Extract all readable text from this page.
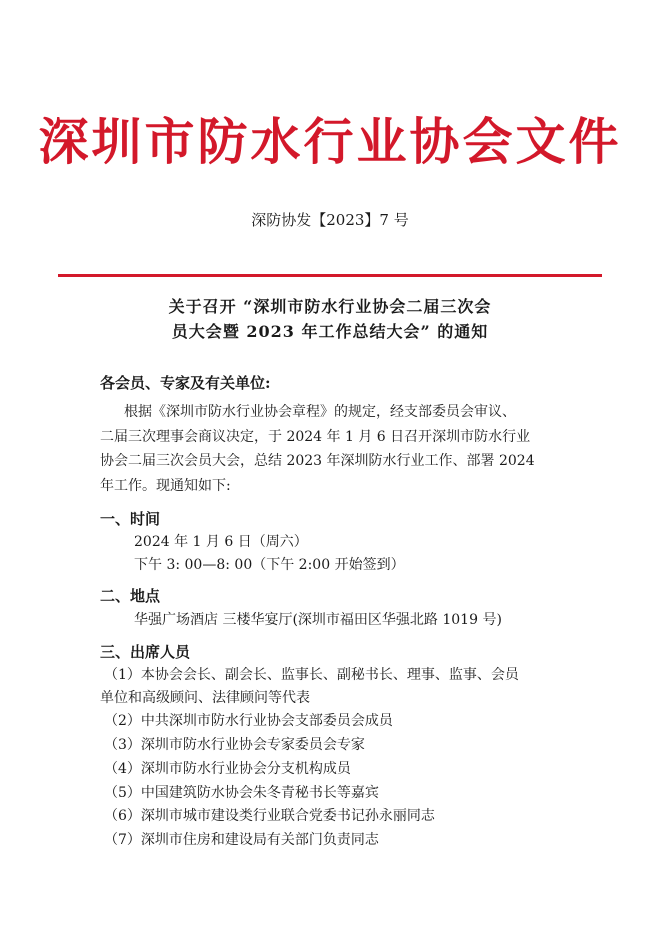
深圳市防水行业协会文件
深防协发【2023】7 号
关于召开 “深圳市防水行业协会二届三次会
员大会暨 2023 年工作总结大会” 的通知
各会员、专家及有关单位:
根据《深圳市防水行业协会章程》的规定，经支部委员会审议、
二届三次理事会商议决定，于 2024 年 1 月 6 日召开深圳市防水行业
协会二届三次会员大会，总结 2023 年深圳防水行业工作、部署 2024
年工作。现通知如下:
一、时间
2024 年 1 月 6 日（周六）
下午 3: 00—8: 00（下午 2:00 开始签到）
二、地点
华强广场酒店 三楼华宴厅(深圳市福田区华强北路 1019 号)
三、出席人员
（1）本协会会长、副会长、监事长、副秘书长、理事、监事、会员
单位和高级顾问、法律顾问等代表
（2）中共深圳市防水行业协会支部委员会成员
（3）深圳市防水行业协会专家委员会专家
（4）深圳市防水行业协会分支机构成员
（5）中国建筑防水协会朱冬青秘书长等嘉宾
（6）深圳市城市建设类行业联合党委书记孙永丽同志
（7）深圳市住房和建设局有关部门负责同志
